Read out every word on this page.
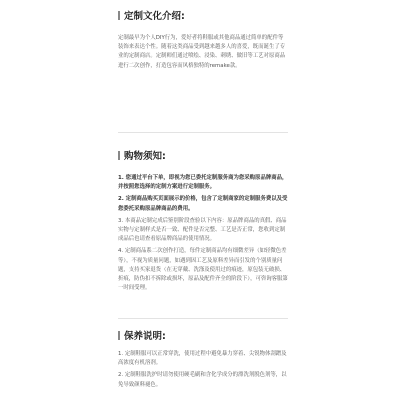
定制文化介绍:

定制最早为个人DIY行为，爱好者将鞋服或其他商品通过简单的配件等装饰来表达个性。随着这类商品受到越来越多人的喜爱，既而诞生了专业的定制商店。定制师们通过喷绘、浸染、刺绣、做旧等工艺对原商品进行二次创作，打造包容而风格独特的remake款。

购物须知:

1. 您通过平台下单，即视为您已委托定制服务商为您采购原品牌商品，并按照您选择的定制方案进行定制服务。

2. 定制商品购买页面展示的价格，包含了定制商家的定制服务费以及受您委托采购原品牌商品的费用。

3. 本商品定制完成后鉴别阶段查验以下内容：原品牌商品的真假、商品实物与定制样式是否一致、配件是否完整、工艺是否正常，您收到定制成品后也请查看原品牌商品的使用情况。

4. 定制商品系二次创作打造，每件定制商品均有细微差异（如轻微色差等），不视为质量问题，如遇到因工艺及原料差异而引发的个别质量问题，支持买家退货（在无穿戴、洗涤及使用过的痕迹，原包装无破损、折痕，防伪扣不拆除或损坏，原品及配件齐全的阶段下），可咨询客服第一时间受理。

保养说明:

1. 定制鞋服可以正常穿洗，使用过程中避免暴力穿着、尖锐物体刮蹭及高浓度有机溶剂。

2. 定制鞋服洗护时请勿使用硬毛刷和含化学成分的漂洗剂脱色剂等，以免导致颜料褪色。
